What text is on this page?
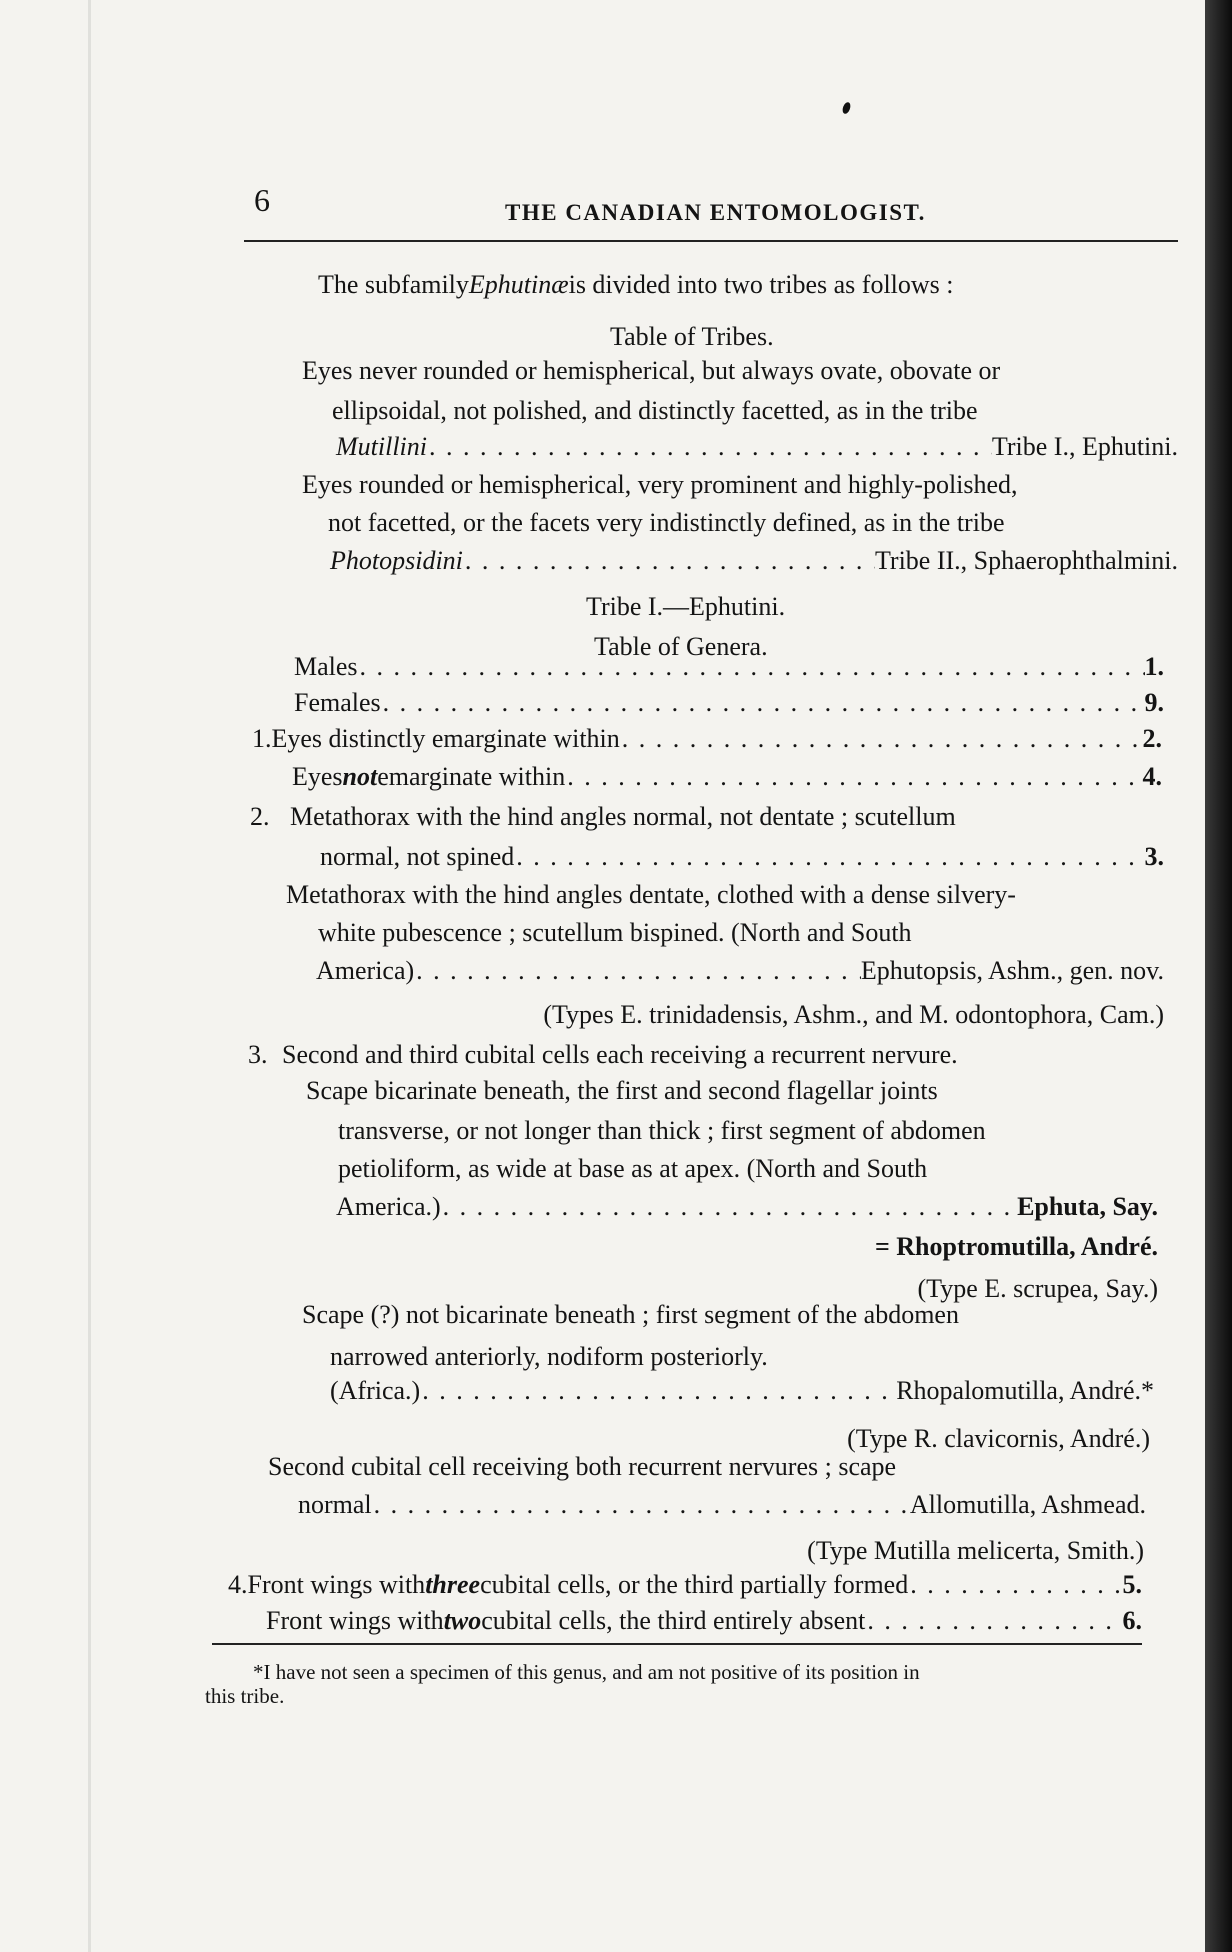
6	THE CANADIAN ENTOMOLOGIST.
The subfamily Ephutinæ is divided into two tribes as follows :
Table of Tribes.
Eyes never rounded or hemispherical, but always ovate, obovate or
ellipsoidal, not polished, and distinctly facetted, as in the tribe
Mutillini . . .	Tribe I., Ephutini.
Eyes rounded or hemispherical, very prominent and highly-polished,
not facetted, or the facets very indistinctly defined, as in the tribe
Photopsidini . . .	Tribe II., Sphaerophthalmini.
Tribe I.—Ephutini.
Table of Genera.
Males . . .	1.
Females . . .	9.
1. Eyes distinctly emarginate within . . .	2.
Eyes not emarginate within . . .	4.
2. Metathorax with the hind angles normal, not dentate ; scutellum
normal, not spined . . .	3.
Metathorax with the hind angles dentate, clothed with a dense silvery-
white pubescence ; scutellum bispined. (North and South
America) . . .	Ephutopsis, Ashm., gen. nov.
(Types E. trinidadensis, Ashm., and M. odontophora, Cam.)
3. Second and third cubital cells each receiving a recurrent nervure.
Scape bicarinate beneath, the first and second flagellar joints
transverse, or not longer than thick ; first segment of abdomen
petioliform, as wide at base as at apex. (North and South
America.) . . .	Ephuta, Say.
= Rhoptromutilla, André.
(Type E. scrupea, Say.)
Scape (?) not bicarinate beneath ; first segment of the abdomen
narrowed anteriorly, nodiform posteriorly.
(Africa.) . . .	Rhopalomutilla, André.*
(Type R. clavicornis, André.)
Second cubital cell receiving both recurrent nervures ; scape
normal . . .	Allomutilla, Ashmead.
(Type Mutilla melicerta, Smith.)
4. Front wings with three cubital cells, or the third partially formed . . .	5.
Front wings with two cubital cells, the third entirely absent . . .	6.
*I have not seen a specimen of this genus, and am not positive of its position in
this tribe.
